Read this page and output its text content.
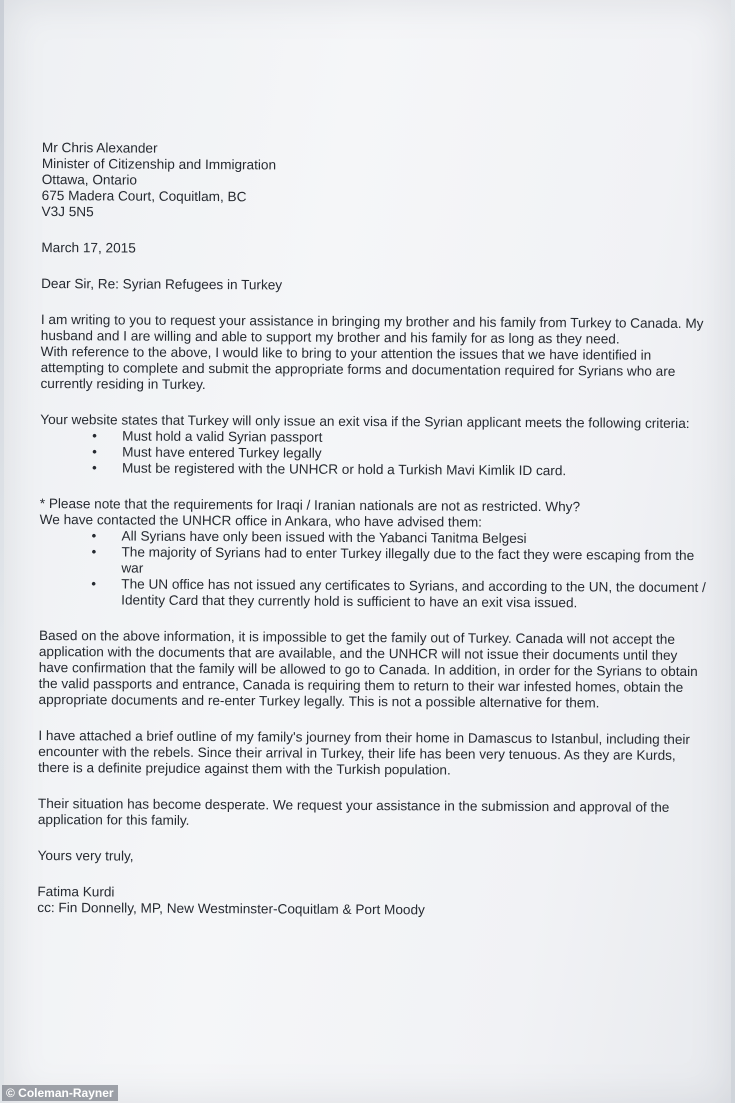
Mr Chris Alexander
Minister of Citizenship and Immigration
Ottawa, Ontario
675 Madera Court, Coquitlam, BC
V3J 5N5
March 17, 2015
Dear Sir, Re: Syrian Refugees in Turkey
I am writing to you to request your assistance in bringing my brother and his family from Turkey to Canada. My
husband and I are willing and able to support my brother and his family for as long as they need.
With reference to the above, I would like to bring to your attention the issues that we have identified in
attempting to complete and submit the appropriate forms and documentation required for Syrians who are
currently residing in Turkey.
Your website states that Turkey will only issue an exit visa if the Syrian applicant meets the following criteria:
• Must hold a valid Syrian passport
• Must have entered Turkey legally
• Must be registered with the UNHCR or hold a Turkish Mavi Kimlik ID card.
* Please note that the requirements for Iraqi / Iranian nationals are not as restricted. Why?
We have contacted the UNHCR office in Ankara, who have advised them:
• All Syrians have only been issued with the Yabanci Tanitma Belgesi
• The majority of Syrians had to enter Turkey illegally due to the fact they were escaping from the
war
• The UN office has not issued any certificates to Syrians, and according to the UN, the document /
Identity Card that they currently hold is sufficient to have an exit visa issued.
Based on the above information, it is impossible to get the family out of Turkey. Canada will not accept the
application with the documents that are available, and the UNHCR will not issue their documents until they
have confirmation that the family will be allowed to go to Canada. In addition, in order for the Syrians to obtain
the valid passports and entrance, Canada is requiring them to return to their war infested homes, obtain the
appropriate documents and re-enter Turkey legally. This is not a possible alternative for them.
I have attached a brief outline of my family's journey from their home in Damascus to Istanbul, including their
encounter with the rebels. Since their arrival in Turkey, their life has been very tenuous. As they are Kurds,
there is a definite prejudice against them with the Turkish population.
Their situation has become desperate. We request your assistance in the submission and approval of the
application for this family.
Yours very truly,
Fatima Kurdi
cc: Fin Donnelly, MP, New Westminster-Coquitlam & Port Moody
© Coleman-Rayner
